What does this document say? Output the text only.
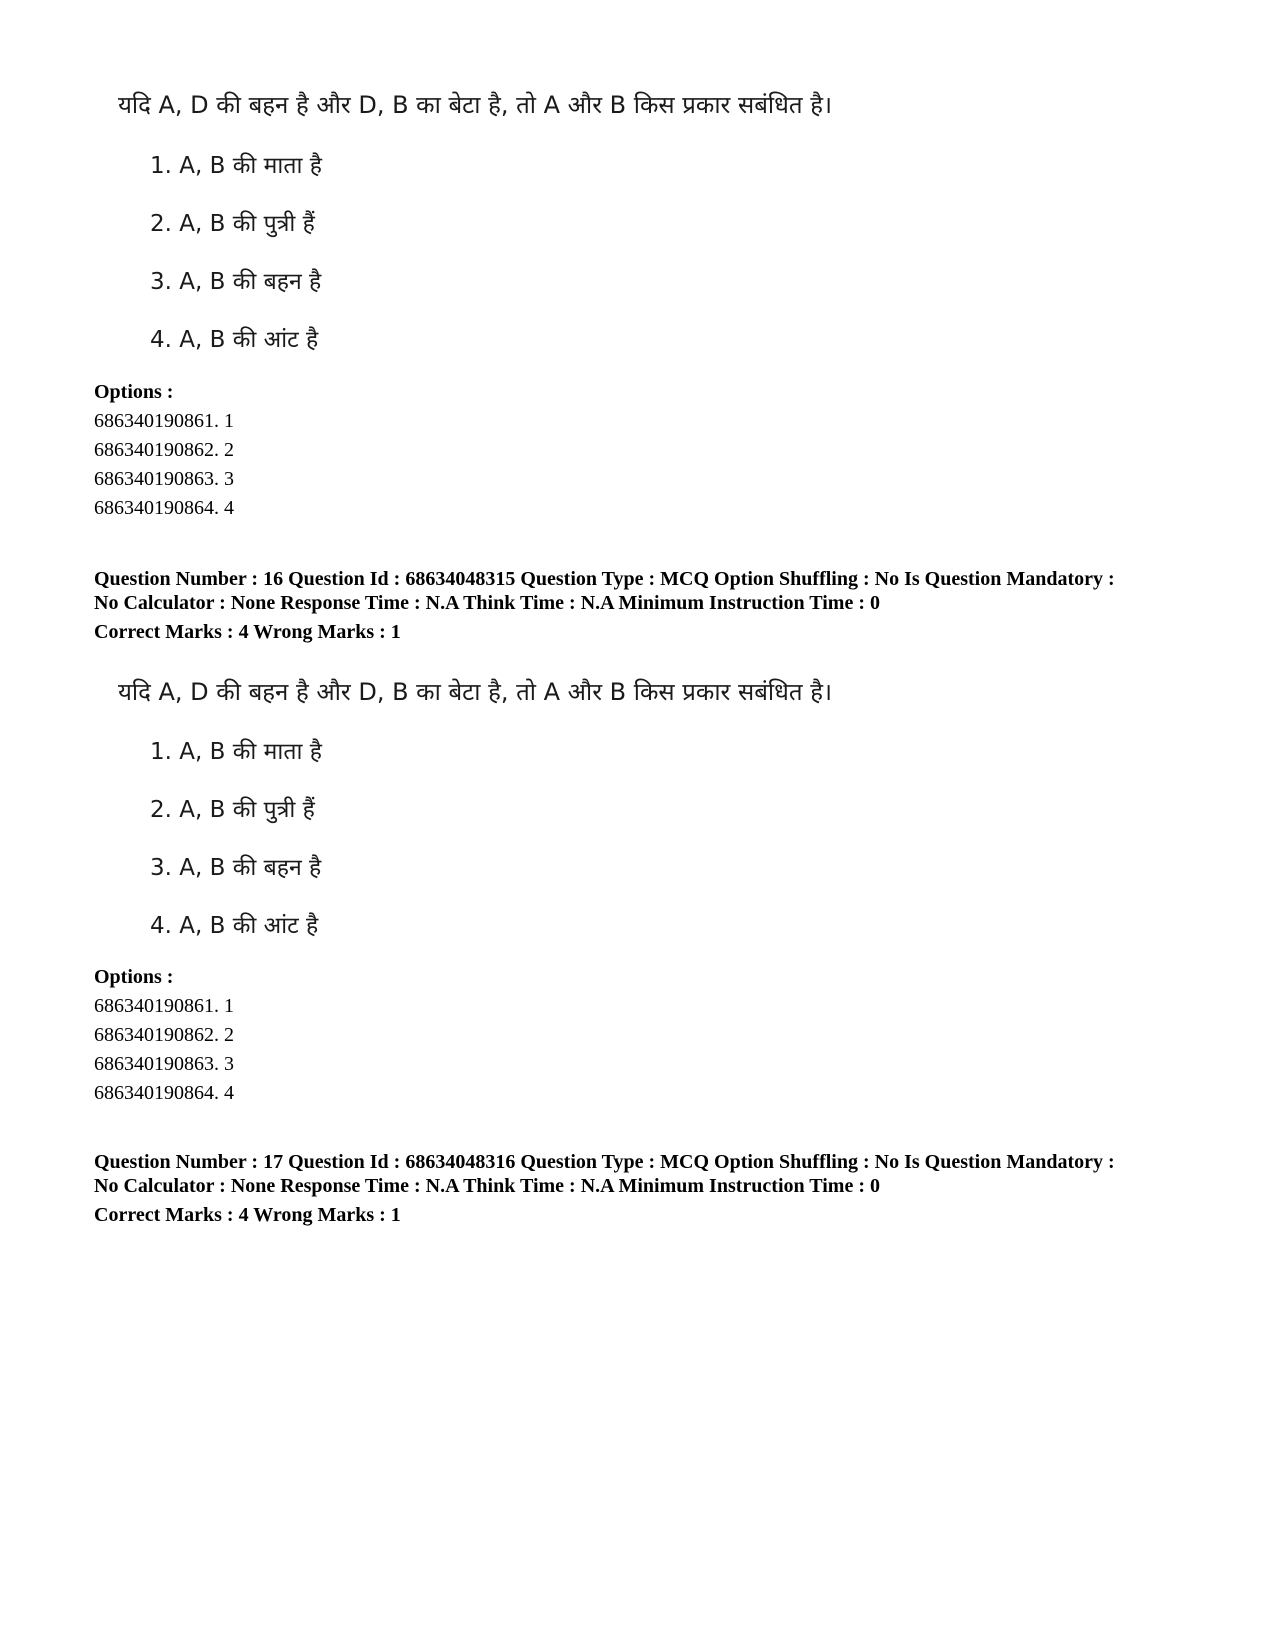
यदि A, D की बहन है और D, B का बेटा है, तो A और B किस प्रकार सबंधित है।
1. A, B की माता है
2. A, B की पुत्री हैं
3. A, B की बहन है
4. A, B की आंट है
Options :
686340190861. 1
686340190862. 2
686340190863. 3
686340190864. 4
Question Number : 16 Question Id : 68634048315 Question Type : MCQ Option Shuffling : No Is Question Mandatory :
No Calculator : None Response Time : N.A Think Time : N.A Minimum Instruction Time : 0
Correct Marks : 4 Wrong Marks : 1
यदि A, D की बहन है और D, B का बेटा है, तो A और B किस प्रकार सबंधित है।
1. A, B की माता है
2. A, B की पुत्री हैं
3. A, B की बहन है
4. A, B की आंट है
Options :
686340190861. 1
686340190862. 2
686340190863. 3
686340190864. 4
Question Number : 17 Question Id : 68634048316 Question Type : MCQ Option Shuffling : No Is Question Mandatory :
No Calculator : None Response Time : N.A Think Time : N.A Minimum Instruction Time : 0
Correct Marks : 4 Wrong Marks : 1
